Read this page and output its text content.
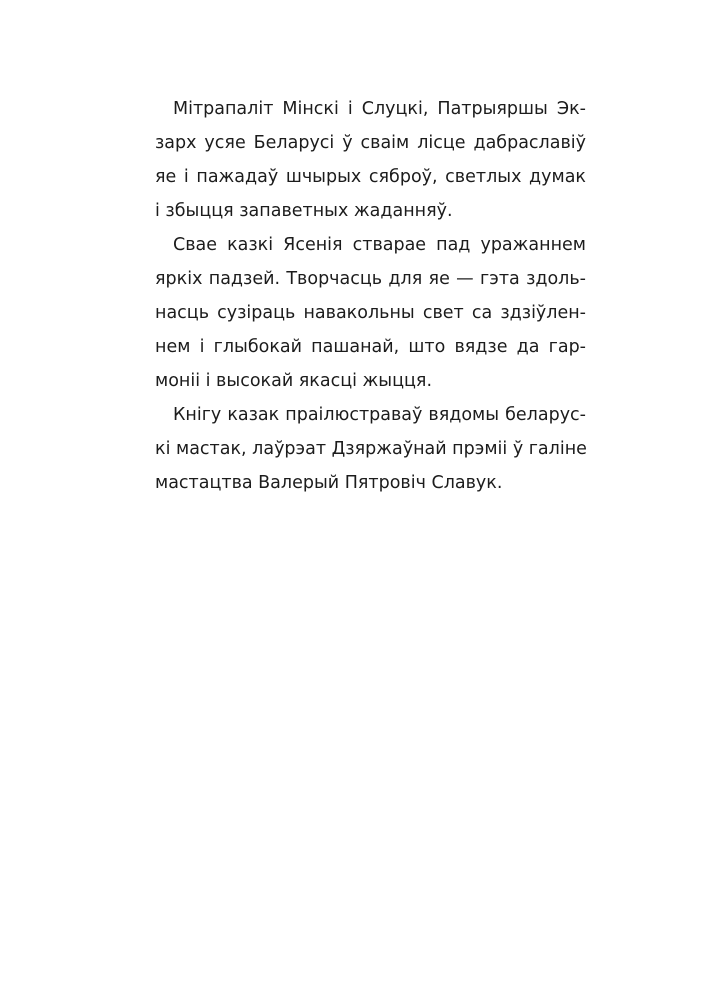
Мітрапаліт Мінскі і Слуцкі, Патрыяршы Эк-
зарх усяе Беларусі ў сваім лісце дабраславіў
яе і пажадаў шчырых сяброў, светлых думак
і збыцця запаветных жаданняў.
Свае казкі Ясенія стварае пад уражаннем
яркіх падзей. Творчасць для яе — гэта здоль-
насць сузіраць навакольны свет са здзіўлен-
нем і глыбокай пашанай, што вядзе да гар-
моніі і высокай якасці жыцця.
Кнігу казак праілюстраваў вядомы беларус-
кі мастак, лаўрэат Дзяржаўнай прэміі ў галіне
мастацтва Валерый Пятровіч Славук.
